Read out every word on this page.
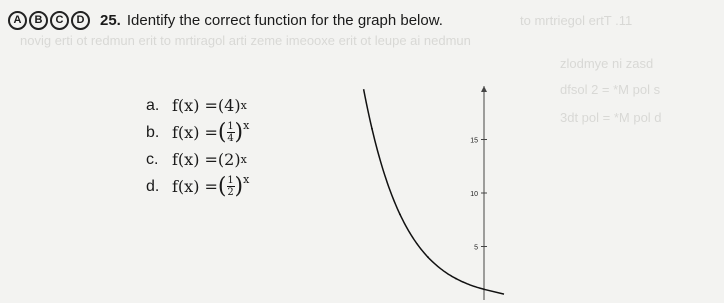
to mrtriegol ertT .11
novig erti ot redmun erit to mrtiragol arti zeme imeooxe erit ot leupe ai nedmun
zlodmye ni zasd
dfsol 2 = *M pol s
3dt pol = *M pol d
A	B	C	D	25. Identify the correct function for the graph below.
a. f(x) = (4) x
b. f(x) = ( $\frac{1}{4} )^x$
c. f(x) = (2) x
d. f(x) = ( $\frac{1}{2} )^x$
5
10
15
